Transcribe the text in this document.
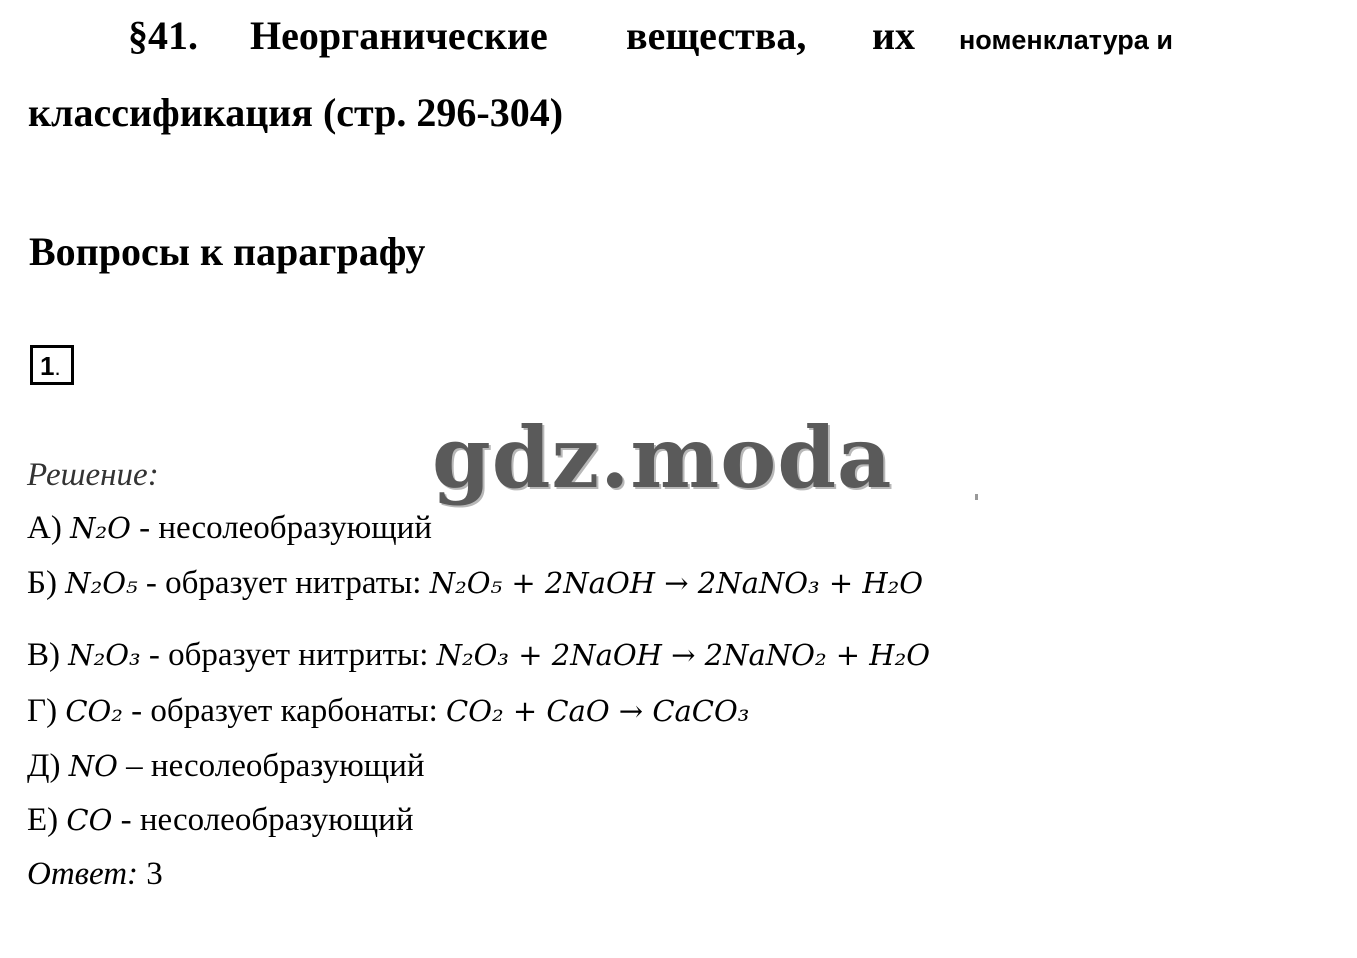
§41. Неорганические вещества, их номенклатура и
классификация (стр. 296-304)
Вопросы к параграфу
1.
Решение:	gdz.moda
А) N₂O - несолеобразующий
Б) N₂O₅ - образует нитраты: N₂O₅ + 2NaOH → 2NaNO₃ + H₂O
В) N₂O₃ - образует нитриты: N₂O₃ + 2NaOH → 2NaNO₂ + H₂O
Г) CO₂ - образует карбонаты: CO₂ + CaO → CaCO₃
Д) NO – несолеобразующий
Е) CO - несолеобразующий
Ответ: 3
